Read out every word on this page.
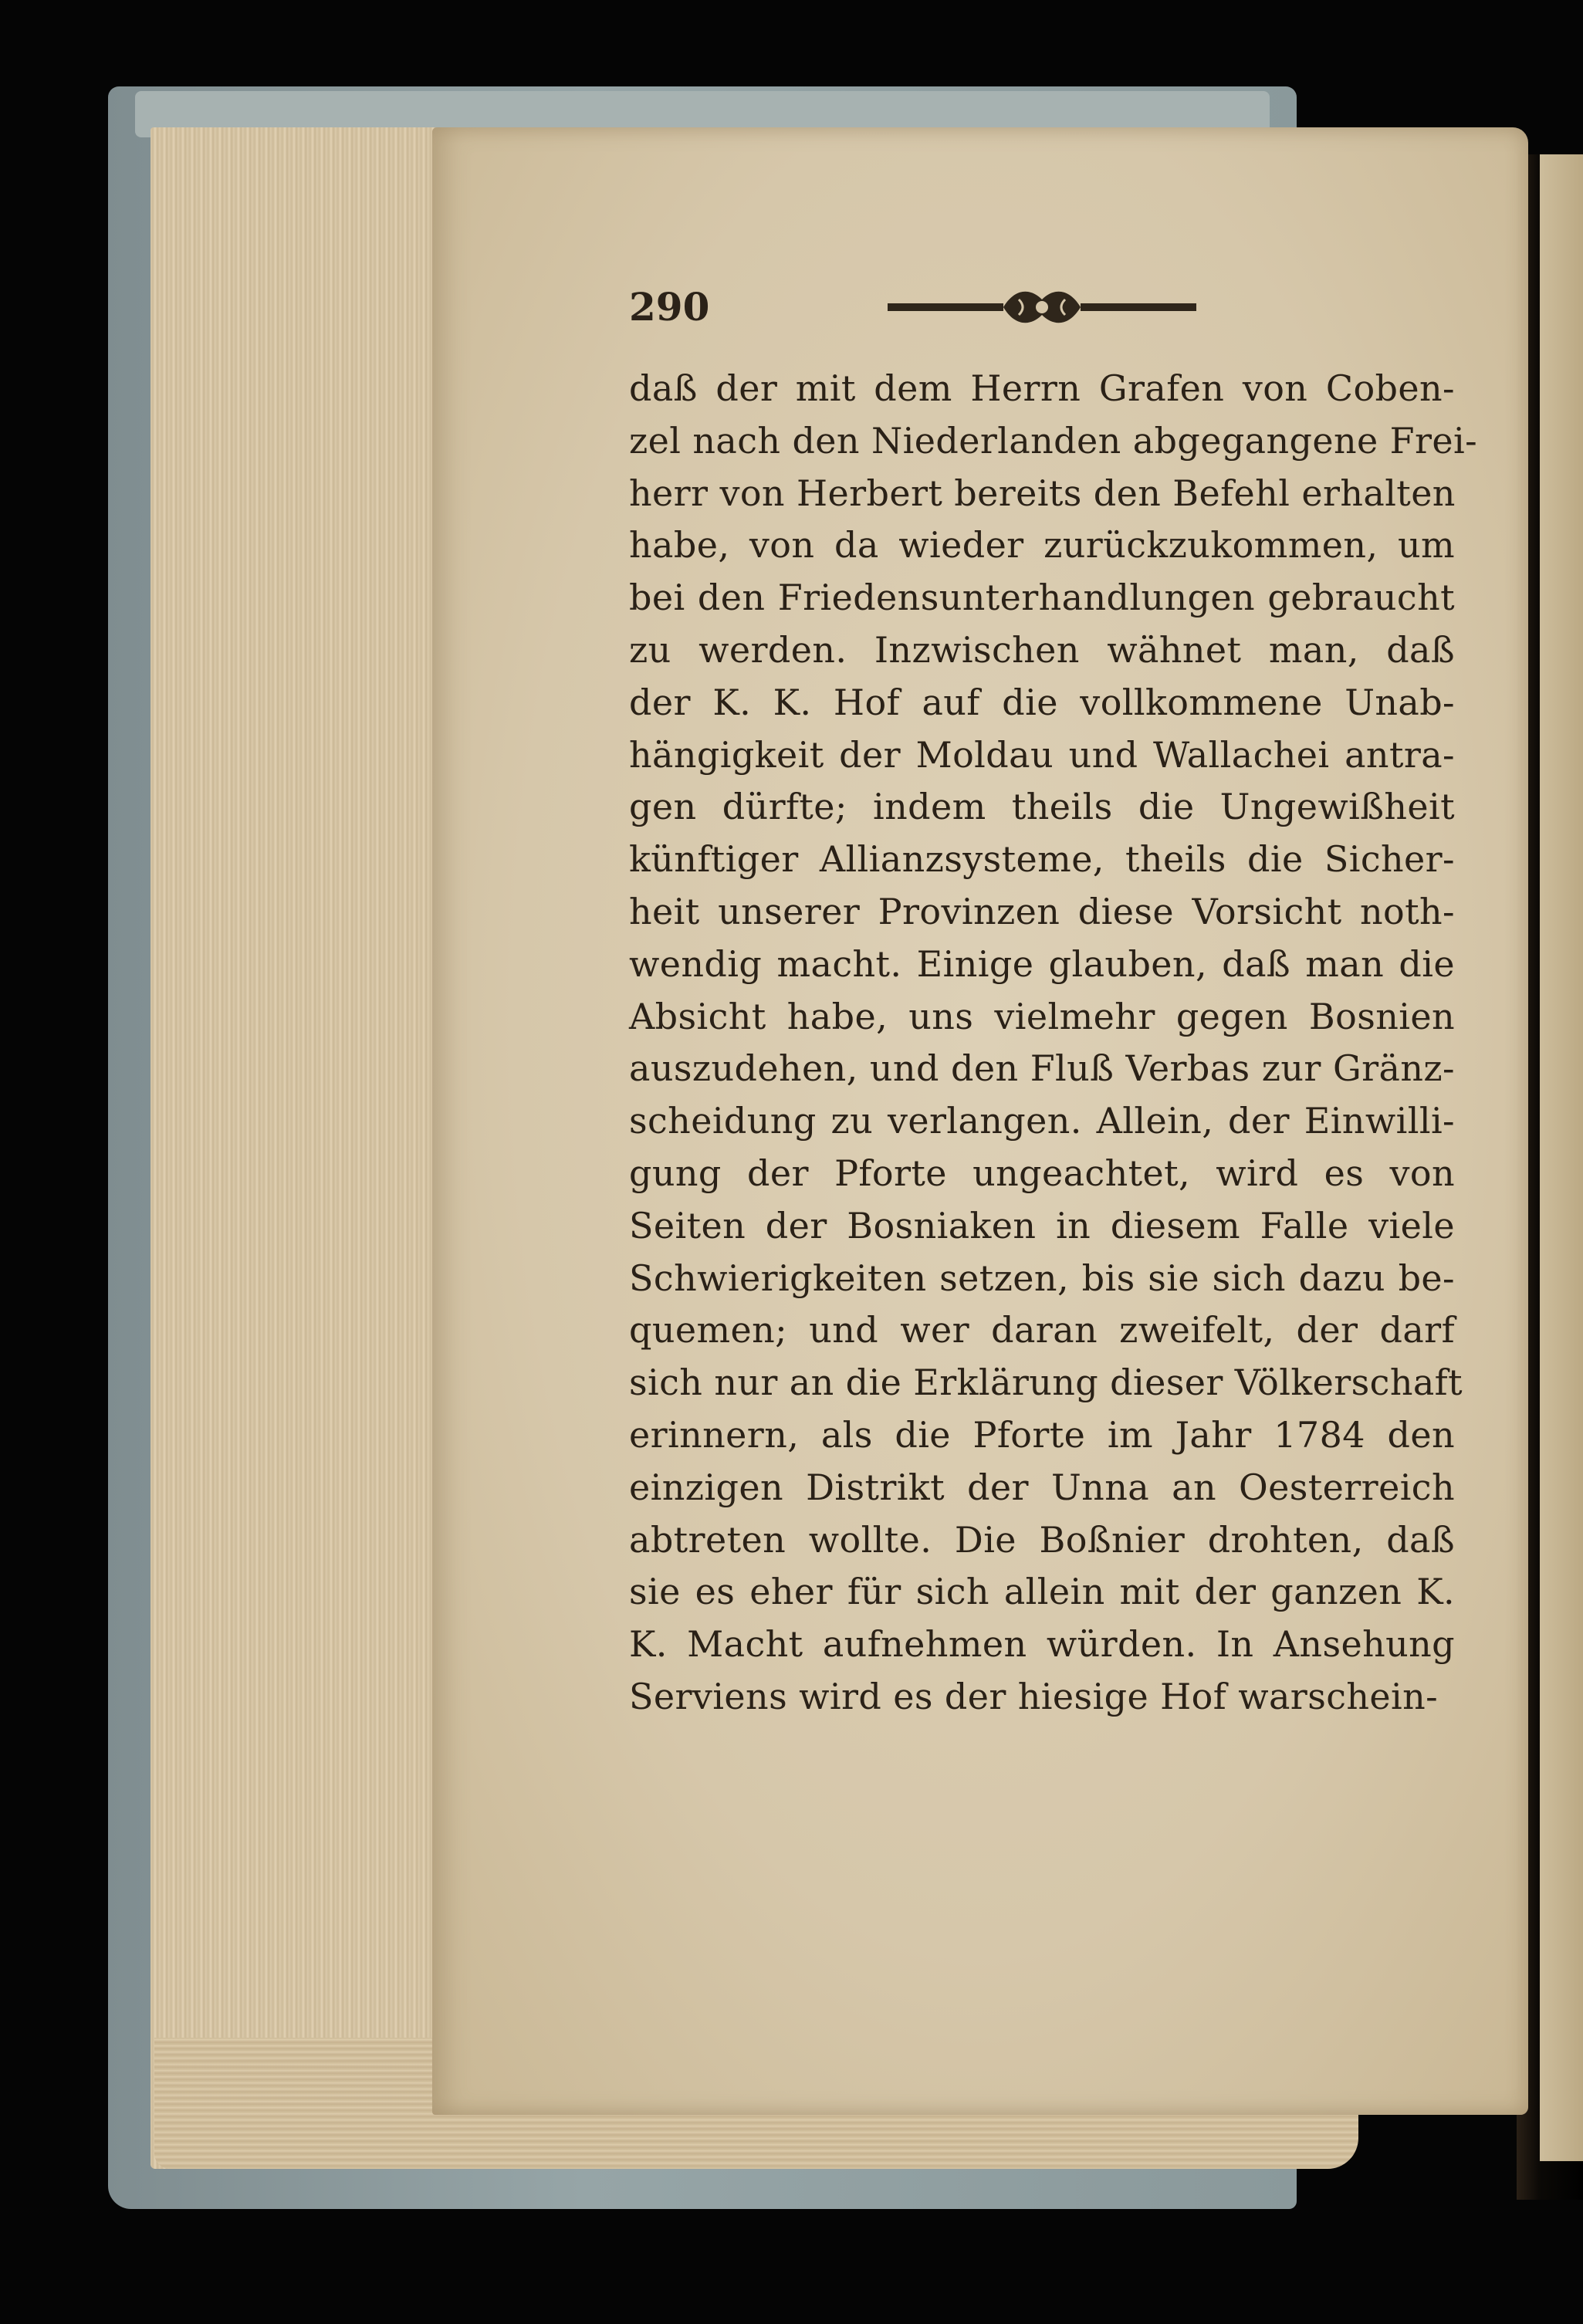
290
daß der mit dem Herrn Grafen von Coben-
zel nach den Niederlanden abgegangene Frei-
herr von Herbert bereits den Befehl erhalten
habe, von da wieder zurückzukommen, um
bei den Friedensunterhandlungen gebraucht
zu werden. Inzwischen wähnet man, daß
der K. K. Hof auf die vollkommene Unab-
hängigkeit der Moldau und Wallachei antra-
gen dürfte; indem theils die Ungewißheit
künftiger Allianzsysteme, theils die Sicher-
heit unserer Provinzen diese Vorsicht noth-
wendig macht. Einige glauben, daß man die
Absicht habe, uns vielmehr gegen Bosnien
auszudehen, und den Fluß Verbas zur Gränz-
scheidung zu verlangen. Allein, der Einwilli-
gung der Pforte ungeachtet, wird es von
Seiten der Bosniaken in diesem Falle viele
Schwierigkeiten setzen, bis sie sich dazu be-
quemen; und wer daran zweifelt, der darf
sich nur an die Erklärung dieser Völkerschaft
erinnern, als die Pforte im Jahr 1784 den
einzigen Distrikt der Unna an Oesterreich
abtreten wollte. Die Boßnier drohten, daß
sie es eher für sich allein mit der ganzen K.
K. Macht aufnehmen würden. In Ansehung
Serviens wird es der hiesige Hof warschein-
